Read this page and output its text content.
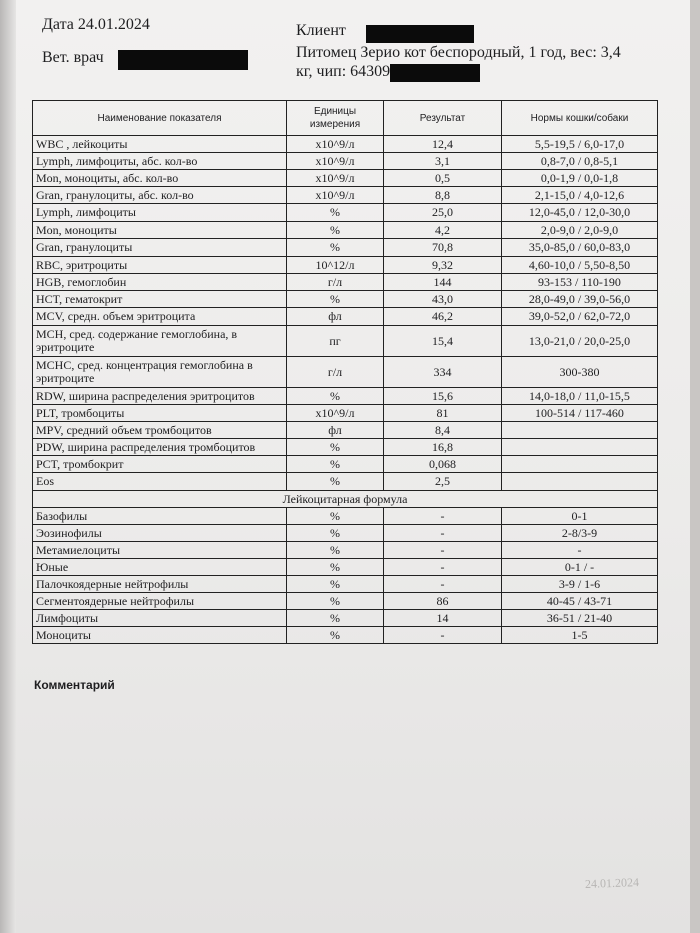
Дата 24.01.2024
Вет. врач
Клиент
Питомец Зерио кот беспородный, 1 год, вес: 3,4
кг, чип: 64309
Наименование показателя	Единицы измерения	Результат	Нормы кошки/собаки
WBC , лейкоциты	x10^9/л	12,4	5,5-19,5 / 6,0-17,0
Lymph, лимфоциты, абс. кол-во	x10^9/л	3,1	0,8-7,0 / 0,8-5,1
Mon, моноциты, абс. кол-во	x10^9/л	0,5	0,0-1,9 / 0,0-1,8
Gran, гранулоциты, абс. кол-во	x10^9/л	8,8	2,1-15,0 / 4,0-12,6
Lymph, лимфоциты	%	25,0	12,0-45,0 / 12,0-30,0
Mon, моноциты	%	4,2	2,0-9,0 / 2,0-9,0
Gran, гранулоциты	%	70,8	35,0-85,0 / 60,0-83,0
RBC, эритроциты	10^12/л	9,32	4,60-10,0 / 5,50-8,50
HGB, гемоглобин	г/л	144	93-153 / 110-190
HCT, гематокрит	%	43,0	28,0-49,0 / 39,0-56,0
MCV, средн. объем эритроцита	фл	46,2	39,0-52,0 / 62,0-72,0
MCH, сред. содержание гемоглобина, в эритроците	пг	15,4	13,0-21,0 / 20,0-25,0
MCHC, сред. концентрация гемоглобина в эритроците	г/л	334	300-380
RDW, ширина распределения эритроцитов	%	15,6	14,0-18,0 / 11,0-15,5
PLT, тромбоциты	x10^9/л	81	100-514 / 117-460
MPV, средний объем тромбоцитов	фл	8,4	
PDW, ширина распределения тромбоцитов	%	16,8	
PCT, тромбокрит	%	0,068	
Eos	%	2,5	
Лейкоцитарная формула			
Базофилы	%	-	0-1
Эозинофилы	%	-	2-8/3-9
Метамиелоциты	%	-	-
Юные	%	-	0-1 / -
Палочкоядерные нейтрофилы	%	-	3-9 / 1-6
Сегментоядерные нейтрофилы	%	86	40-45 / 43-71
Лимфоциты	%	14	36-51 / 21-40
Моноциты	%	-	1-5
Комментарий
24.01.2024
